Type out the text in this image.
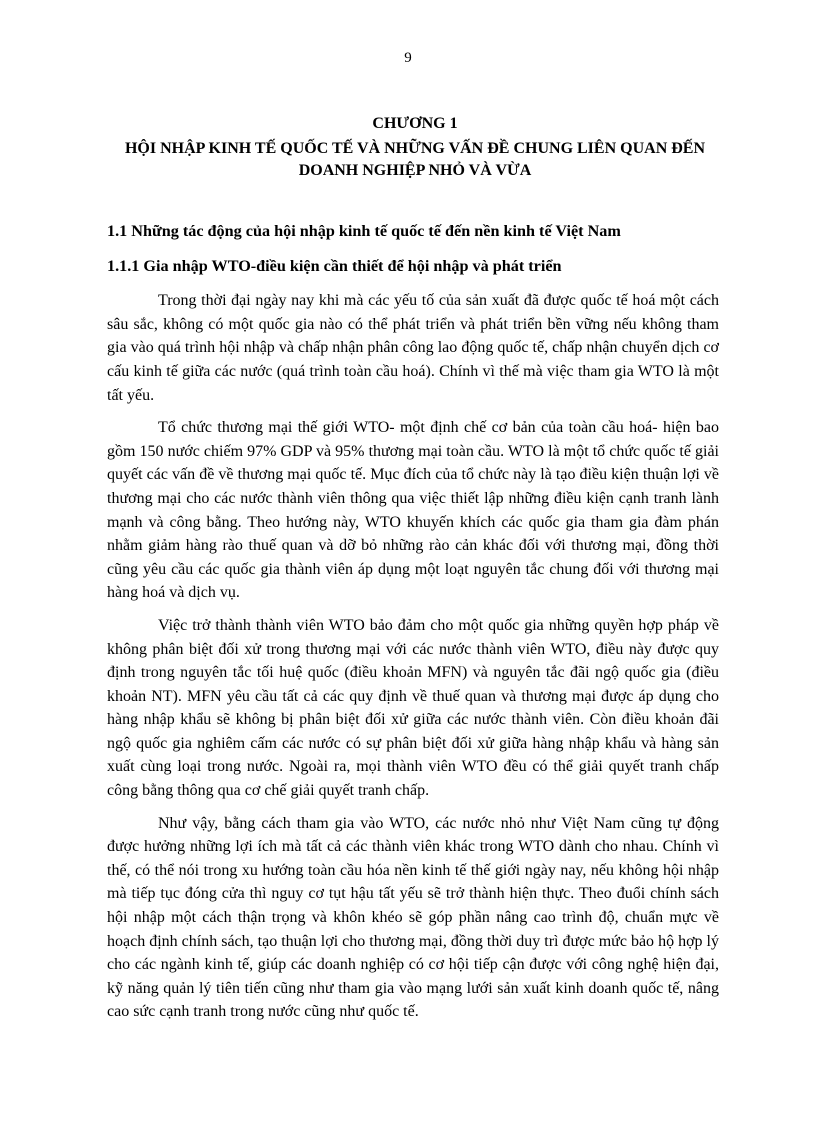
9
CHƯƠNG 1
HỘI NHẬP KINH TẾ QUỐC TẾ VÀ NHỮNG VẤN ĐỀ CHUNG LIÊN QUAN ĐẾN DOANH NGHIỆP NHỎ VÀ VỪA
1.1 Những tác động của hội nhập kinh tế quốc tế đến nền kinh tế Việt Nam
1.1.1 Gia nhập WTO-điều kiện cần thiết để hội nhập và phát triển

Trong thời đại ngày nay khi mà các yếu tố của sản xuất đã được quốc tế hoá một cách sâu sắc, không có một quốc gia nào có thể phát triển và phát triển bền vững nếu không tham gia vào quá trình hội nhập và chấp nhận phân công lao động quốc tế, chấp nhận chuyển dịch cơ cấu kinh tế giữa các nước (quá trình toàn cầu hoá). Chính vì thế mà việc tham gia WTO là một tất yếu.

Tổ chức thương mại thế giới WTO- một định chế cơ bản của toàn cầu hoá- hiện bao gồm 150 nước chiếm 97% GDP và 95% thương mại toàn cầu. WTO là một tổ chức quốc tế giải quyết các vấn đề về thương mại quốc tế. Mục đích của tổ chức này là tạo điều kiện thuận lợi về thương mại cho các nước thành viên thông qua việc thiết lập những điều kiện cạnh tranh lành mạnh và công bằng. Theo hướng này, WTO khuyến khích các quốc gia tham gia đàm phán nhằm giảm hàng rào thuế quan và dỡ bỏ những rào cản khác đối với thương mại, đồng thời cũng yêu cầu các quốc gia thành viên áp dụng một loạt nguyên tắc chung đối với thương mại hàng hoá và dịch vụ.

Việc trở thành thành viên WTO bảo đảm cho một quốc gia những quyền hợp pháp về không phân biệt đối xử trong thương mại với các nước thành viên WTO, điều này được quy định trong nguyên tắc tối huệ quốc (điều khoản MFN) và nguyên tắc đãi ngộ quốc gia (điều khoản NT). MFN yêu cầu tất cả các quy định về thuế quan và thương mại được áp dụng cho hàng nhập khẩu sẽ không bị phân biệt đối xử giữa các nước thành viên. Còn điều khoản đãi ngộ quốc gia nghiêm cấm các nước có sự phân biệt đối xử giữa hàng nhập khẩu và hàng sản xuất cùng loại trong nước. Ngoài ra, mọi thành viên WTO đều có thể giải quyết tranh chấp công bằng thông qua cơ chế giải quyết tranh chấp.

Như vậy, bằng cách tham gia vào WTO, các nước nhỏ như Việt Nam cũng tự động được hưởng những lợi ích mà tất cả các thành viên khác trong WTO dành cho nhau. Chính vì thế, có thể nói trong xu hướng toàn cầu hóa nền kinh tế thế giới ngày nay, nếu không hội nhập mà tiếp tục đóng cửa thì nguy cơ tụt hậu tất yếu sẽ trở thành hiện thực. Theo đuổi chính sách hội nhập một cách thận trọng và khôn khéo sẽ góp phần nâng cao trình độ, chuẩn mực về hoạch định chính sách, tạo thuận lợi cho thương mại, đồng thời duy trì được mức bảo hộ hợp lý cho các ngành kinh tế, giúp các doanh nghiệp có cơ hội tiếp cận được với công nghệ hiện đại, kỹ năng quản lý tiên tiến cũng như tham gia vào mạng lưới sản xuất kinh doanh quốc tế, nâng cao sức cạnh tranh trong nước cũng như quốc tế.
